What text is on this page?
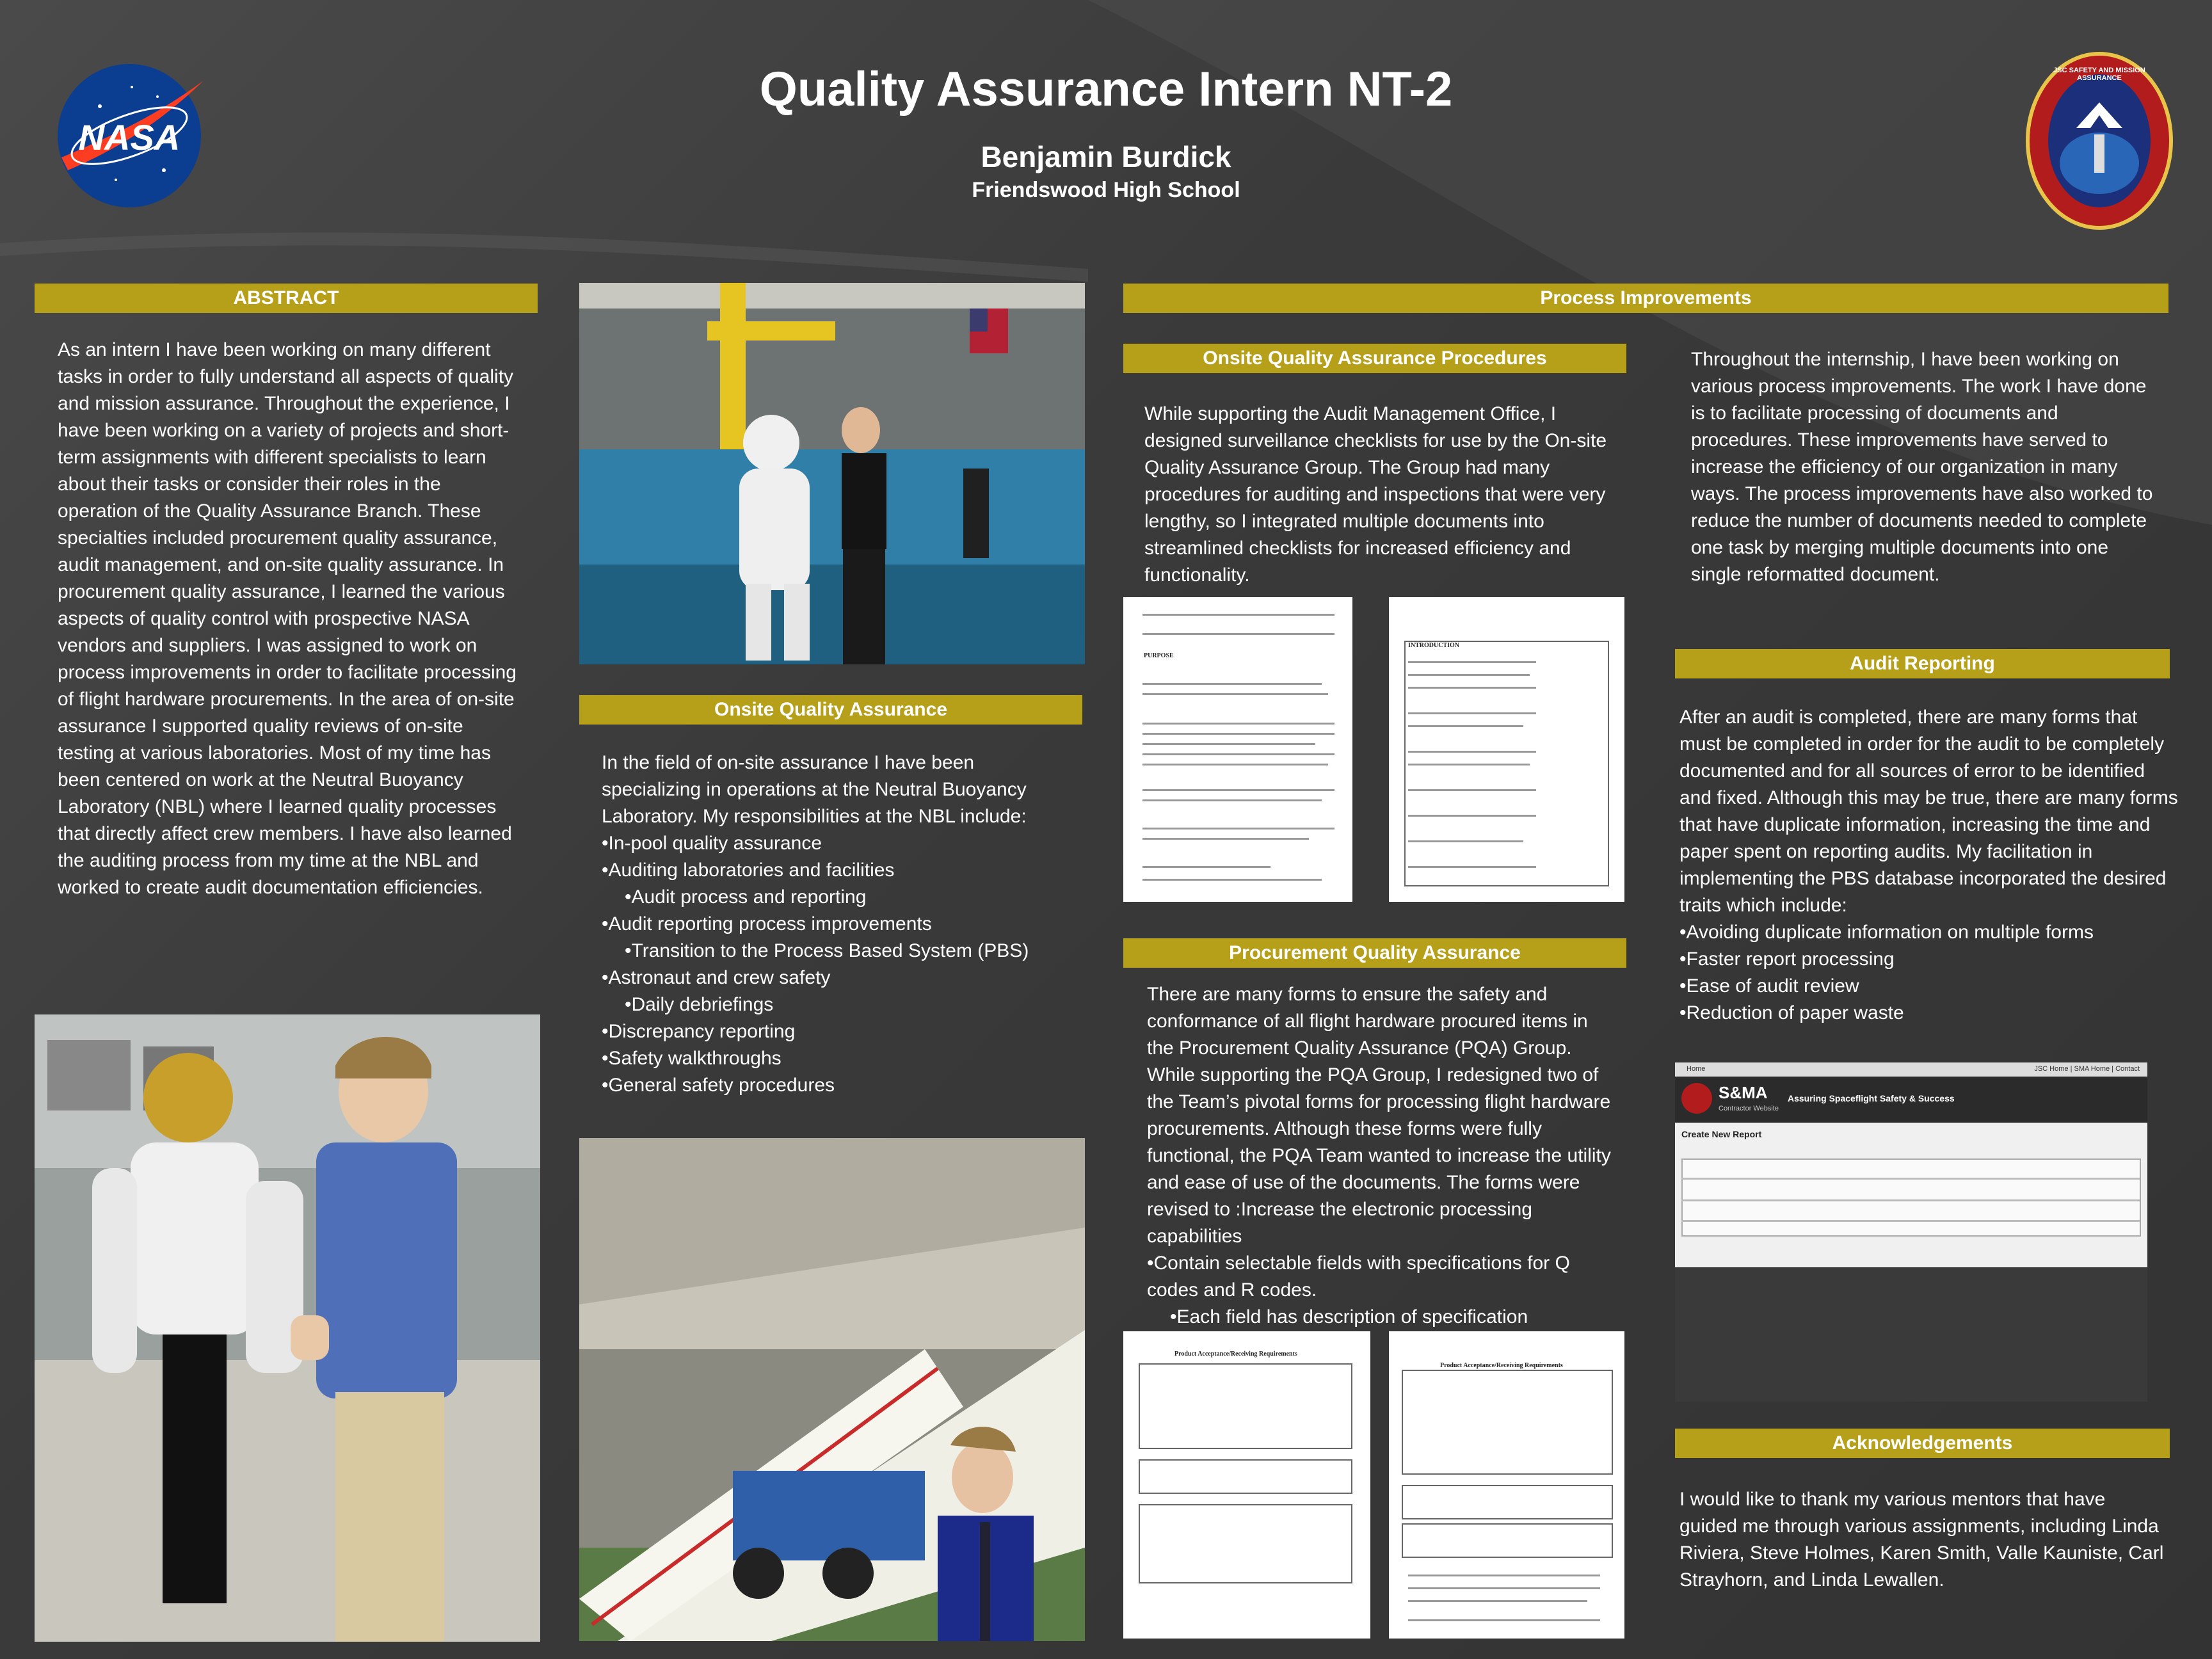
NASA
JSC SAFETY AND MISSION ASSURANCE
Quality Assurance Intern NT-2
Benjamin Burdick
Friendswood High School
ABSTRACT
As an intern I have been working on many different tasks in order to fully understand all aspects of quality and mission assurance. Throughout the experience, I have been working on a variety of projects and short-term assignments with different specialists to learn about their tasks or consider their roles in the operation of the Quality Assurance Branch. These specialties included procurement quality assurance, audit management, and on-site quality assurance. In procurement quality assurance, I learned the various aspects of quality control with prospective NASA vendors and suppliers. I was assigned to work on process improvements in order to facilitate processing of flight hardware procurements. In the area of on-site assurance I supported quality reviews of on-site testing at various laboratories. Most of my time has been centered on work at the Neutral Buoyancy Laboratory (NBL) where I learned quality processes that directly affect crew members. I have also learned the auditing process from my time at the NBL and worked to create audit documentation efficiencies.
Onsite Quality Assurance

In the field of on-site assurance I have been specializing in operations at the Neutral Buoyancy Laboratory. My responsibilities at the NBL include:

•In-pool quality assurance

•Auditing laboratories and facilities

•Audit process and reporting

•Audit reporting process improvements

•Transition to the Process Based System (PBS)

•Astronaut and crew safety

•Daily debriefings

•Discrepancy reporting

•Safety walkthroughs

•General safety procedures

Process Improvements
Onsite Quality Assurance Procedures
While supporting the Audit Management Office, I designed surveillance checklists for use by the On-site Quality Assurance Group. The Group had many procedures for auditing and inspections that were very lengthy, so I integrated multiple documents into streamlined checklists for increased efficiency and functionality.
Throughout the internship, I have been working on various process improvements. The work I have done is to facilitate processing of documents and procedures. These improvements have served to increase the efficiency of our organization in many ways. The process improvements have also worked to reduce the number of documents needed to complete one task by merging multiple documents into one single reformatted document.
PURPOSE
INTRODUCTION
Procurement Quality Assurance

There are many forms to ensure the safety and conformance of all flight hardware procured items in the Procurement Quality Assurance (PQA) Group. While supporting the PQA Group, I redesigned two of the Team’s pivotal forms for processing flight hardware procurements. Although these forms were fully functional, the PQA Team wanted to increase the utility and ease of use of the documents. The forms were revised to :Increase the electronic processing capabilities

•Contain selectable fields with specifications for Q codes and R codes.

•Each field has description of specification

Product Acceptance/Receiving Requirements
Product Acceptance/Receiving Requirements
Audit Reporting

After an audit is completed, there are many forms that must be completed in order for the audit to be completely documented and for all sources of error to be identified and fixed. Although this may be true, there are many forms that have duplicate information, increasing the time and paper spent on reporting audits. My facilitation in implementing the PBS database incorporated the desired traits which include:

•Avoiding duplicate information on multiple forms

•Faster report processing

•Ease of audit review

•Reduction of paper waste

Home	JSC Home | SMA Home | Contact
S&MA
Contractor Website
Assuring Spaceflight Safety & Success
Create New Report
Acknowledgements
I would like to thank my various mentors that have guided me through various assignments, including Linda Riviera, Steve Holmes, Karen Smith, Valle Kauniste, Carl Strayhorn, and Linda Lewallen.
